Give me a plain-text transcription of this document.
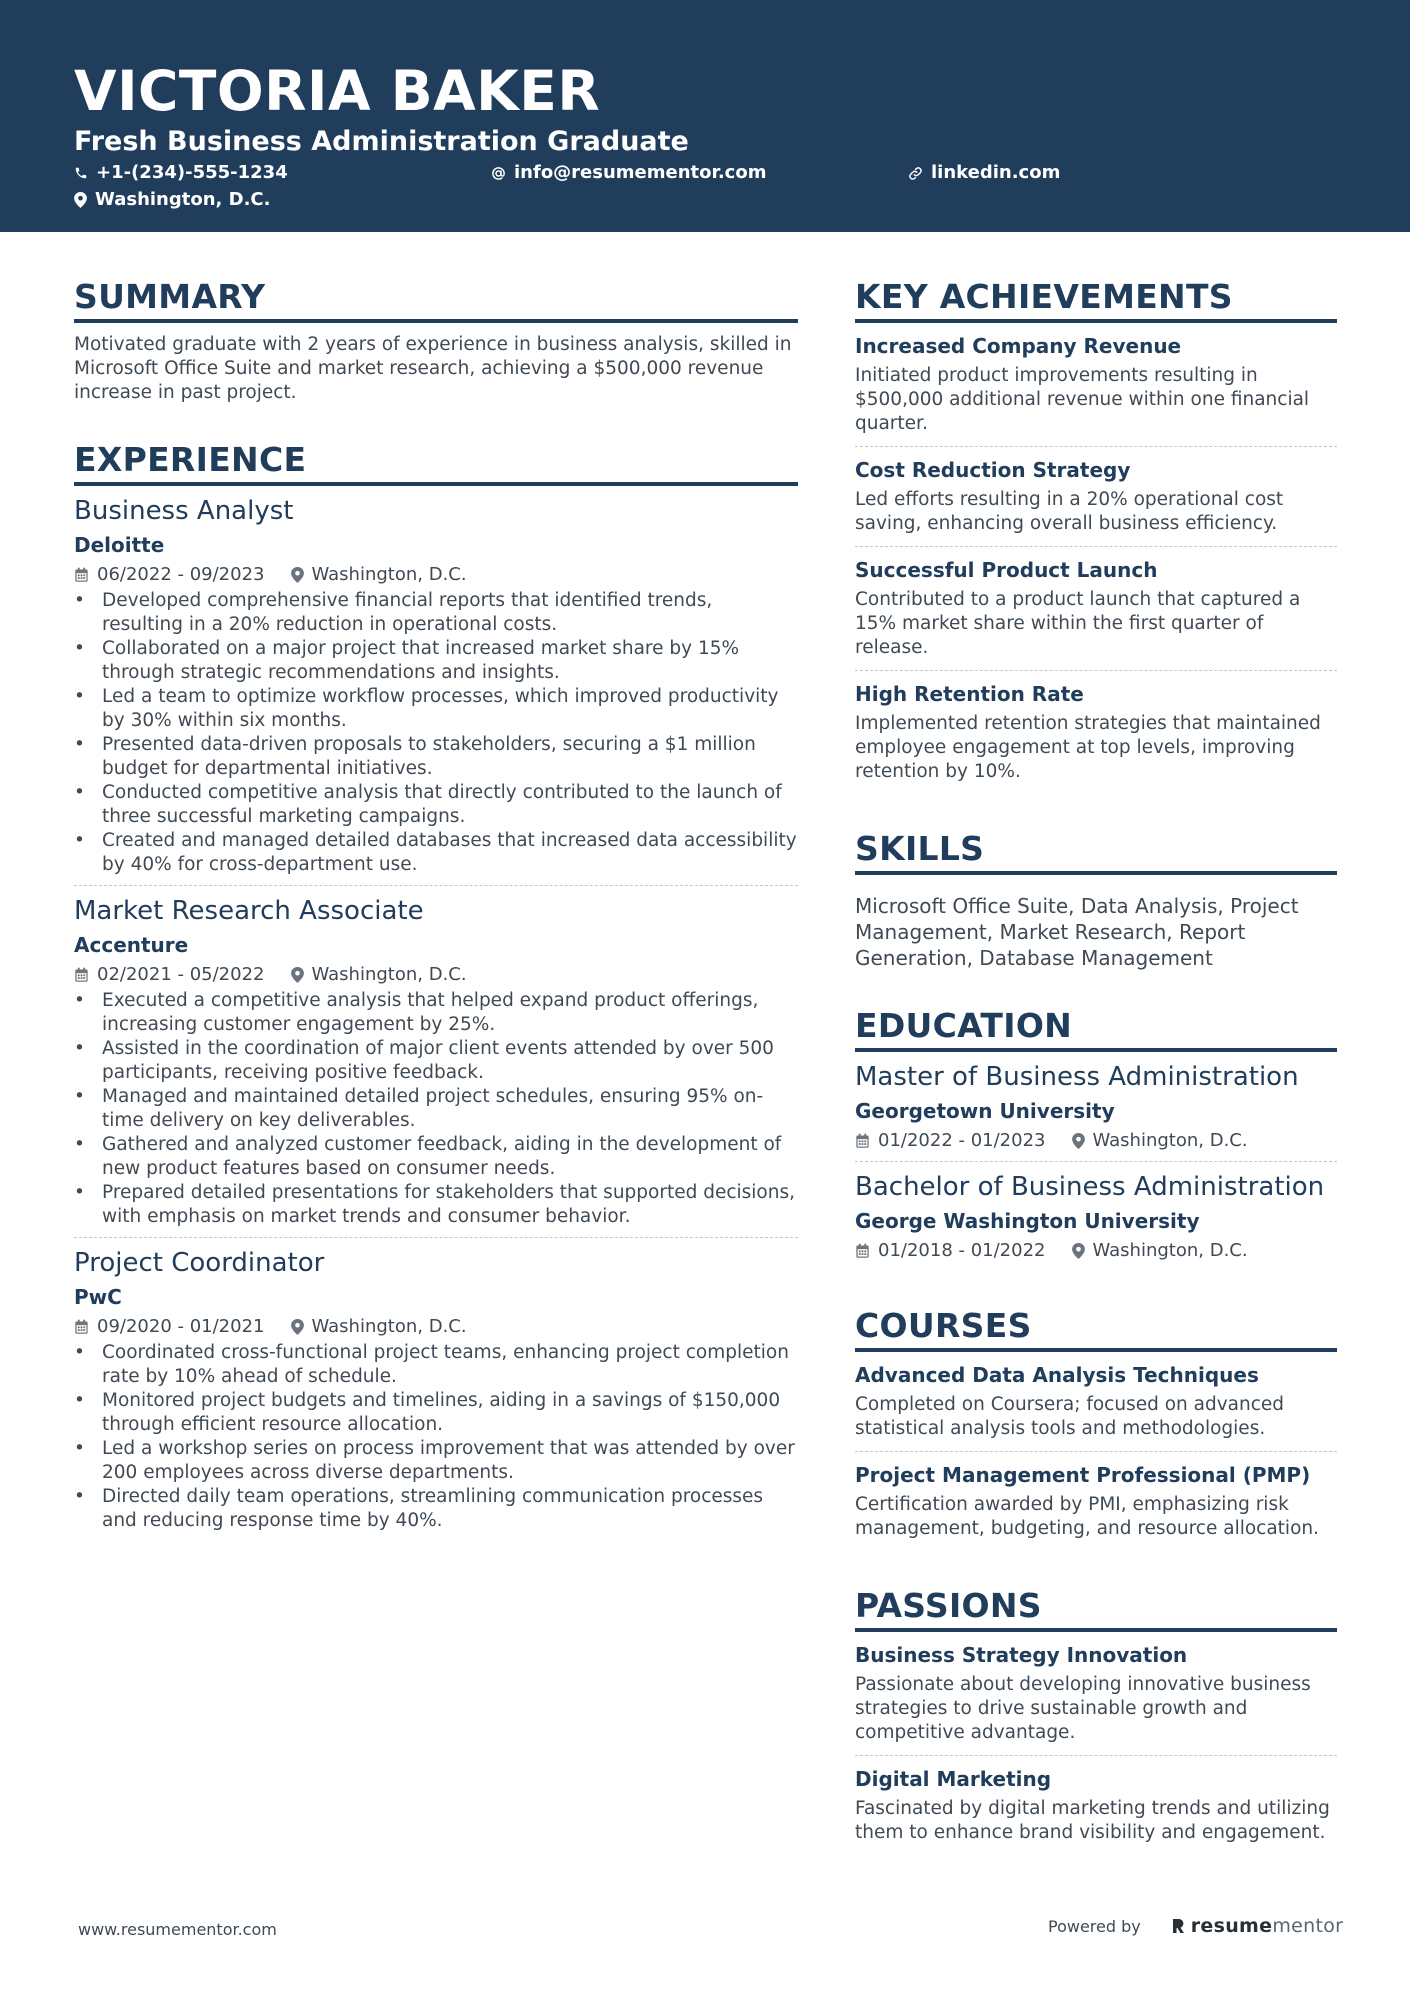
VICTORIA BAKER
Fresh Business Administration Graduate
+1-(234)-555-1234	info@resumementor.com	linkedin.com
Washington, D.C.
SUMMARY
Motivated graduate with 2 years of experience in business analysis, skilled in Microsoft Office Suite and market research, achieving a $500,000 revenue increase in past project.
EXPERIENCE
Business Analyst
Deloitte
06/2022 - 09/2023	Washington, D.C.
• Developed comprehensive financial reports that identified trends, resulting in a 20% reduction in operational costs.
• Collaborated on a major project that increased market share by 15% through strategic recommendations and insights.
• Led a team to optimize workflow processes, which improved productivity by 30% within six months.
• Presented data-driven proposals to stakeholders, securing a $1 million budget for departmental initiatives.
• Conducted competitive analysis that directly contributed to the launch of three successful marketing campaigns.
• Created and managed detailed databases that increased data accessibility by 40% for cross-department use.
Market Research Associate
Accenture
02/2021 - 05/2022	Washington, D.C.
• Executed a competitive analysis that helped expand product offerings, increasing customer engagement by 25%.
• Assisted in the coordination of major client events attended by over 500 participants, receiving positive feedback.
• Managed and maintained detailed project schedules, ensuring 95% on-time delivery on key deliverables.
• Gathered and analyzed customer feedback, aiding in the development of new product features based on consumer needs.
• Prepared detailed presentations for stakeholders that supported decisions, with emphasis on market trends and consumer behavior.
Project Coordinator
PwC
09/2020 - 01/2021	Washington, D.C.
• Coordinated cross-functional project teams, enhancing project completion rate by 10% ahead of schedule.
• Monitored project budgets and timelines, aiding in a savings of $150,000 through efficient resource allocation.
• Led a workshop series on process improvement that was attended by over 200 employees across diverse departments.
• Directed daily team operations, streamlining communication processes and reducing response time by 40%.
KEY ACHIEVEMENTS
Increased Company Revenue
Initiated product improvements resulting in $500,000 additional revenue within one financial quarter.
Cost Reduction Strategy
Led efforts resulting in a 20% operational cost saving, enhancing overall business efficiency.
Successful Product Launch
Contributed to a product launch that captured a 15% market share within the first quarter of release.
High Retention Rate
Implemented retention strategies that maintained employee engagement at top levels, improving retention by 10%.
SKILLS
Microsoft Office Suite, Data Analysis, Project Management, Market Research, Report Generation, Database Management
EDUCATION
Master of Business Administration
Georgetown University
01/2022 - 01/2023	Washington, D.C.
Bachelor of Business Administration
George Washington University
01/2018 - 01/2022	Washington, D.C.
COURSES
Advanced Data Analysis Techniques
Completed on Coursera; focused on advanced statistical analysis tools and methodologies.
Project Management Professional (PMP)
Certification awarded by PMI, emphasizing risk management, budgeting, and resource allocation.
PASSIONS
Business Strategy Innovation
Passionate about developing innovative business strategies to drive sustainable growth and competitive advantage.
Digital Marketing
Fascinated by digital marketing trends and utilizing them to enhance brand visibility and engagement.
www.resumementor.com	Powered by	resume mentor
